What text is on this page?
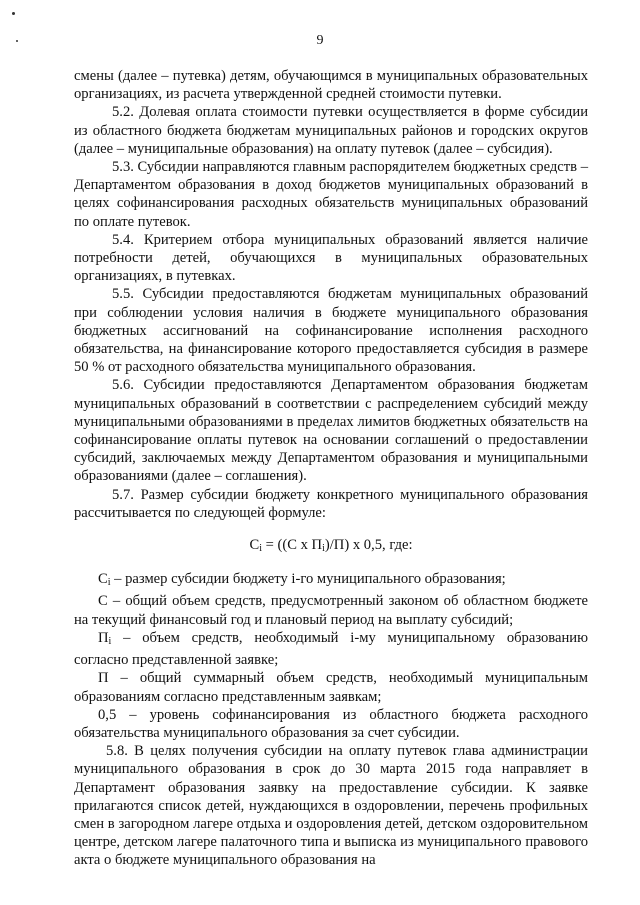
9

смены (далее – путевка) детям, обучающимся в муниципальных образовательных организациях, из расчета утвержденной средней стоимости путевки.

5.2. Долевая оплата стоимости путевки осуществляется в форме субсидии из областного бюджета бюджетам муниципальных районов и городских округов (далее – муниципальные образования) на оплату путевок (далее – субсидия).

5.3. Субсидии направляются главным распорядителем бюджетных средств – Департаментом образования в доход бюджетов муниципальных образований в целях софинансирования расходных обязательств муниципальных образований по оплате путевок.

5.4. Критерием отбора муниципальных образований является наличие потребности детей, обучающихся в муниципальных образовательных организациях, в путевках.

5.5. Субсидии предоставляются бюджетам муниципальных образований при соблюдении условия наличия в бюджете муниципального образования бюджетных ассигнований на софинансирование исполнения расходного обязательства, на финансирование которого предоставляется субсидия в размере 50 % от расходного обязательства муниципального образования.

5.6. Субсидии предоставляются Департаментом образования бюджетам муниципальных образований в соответствии с распределением субсидий между муниципальными образованиями в пределах лимитов бюджетных обязательств на софинансирование оплаты путевок на основании соглашений о предоставлении субсидий, заключаемых между Департаментом образования и муниципальными образованиями (далее – соглашения).

5.7. Размер субсидии бюджету конкретного муниципального образования рассчитывается по следующей формуле:

$C_i = ((C$ x $П_i)/П$) x 0,5, где:

$C_i$ – размер субсидии бюджету i-го муниципального образования;

С – общий объем средств, предусмотренный законом об областном бюджете на текущий финансовый год и плановый период на выплату субсидий;

$П_i$ – объем средств, необходимый i-му муниципальному образованию согласно представленной заявке;

П – общий суммарный объем средств, необходимый муниципальным образованиям согласно представленным заявкам;

0,5 – уровень софинансирования из областного бюджета расходного обязательства муниципального образования за счет субсидии.

5.8. В целях получения субсидии на оплату путевок глава администрации муниципального образования в срок до 30 марта 2015 года направляет в Департамент образования заявку на предоставление субсидии. К заявке прилагаются список детей, нуждающихся в оздоровлении, перечень профильных смен в загородном лагере отдыха и оздоровления детей, детском оздоровительном центре, детском лагере палаточного типа и выписка из муниципального правового акта о бюджете муниципального образования на
